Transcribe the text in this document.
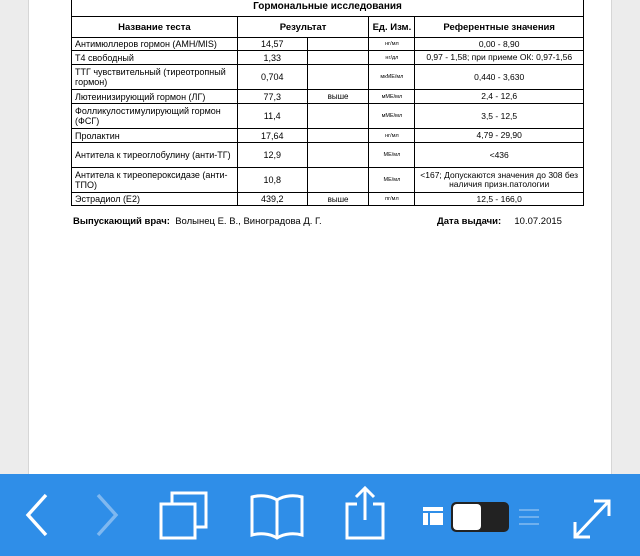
Гормональные исследования				
Название теста	Результат		Ед. Изм.	Референтные значения
Антимюллеров гормон (AMH/MIS)	14,57		нг/мл	0,00 - 8,90
Т4 свободный	1,33		нг/дл	0,97 - 1,58; при приеме ОК: 0,97-1,56
ТТГ чувствительный (тиреотропный гормон)	0,704		мкМЕ/мл	0,440 - 3,630
Лютеинизирующий гормон (ЛГ)	77,3	выше	мМЕ/мл	2,4 - 12,6
Фолликулостимулирующий гормон (ФСГ)	11,4		мМЕ/мл	3,5 - 12,5
Пролактин	17,64		нг/мл	4,79 - 29,90
Антитела к тиреоглобулину (анти-ТГ)	12,9		МЕ/мл	<436
Антитела к тиреопероксидазе (анти-ТПО)	10,8		МЕ/мл	<167; Допускаются значения до 308 без наличия призн.патологии
Эстрадиол (Е2)	439,2	выше	пг/мл	12,5 - 166,0
Выпускающий врач: Волынец Е. В., Виноградова Д. Г.	Дата выдачи: 10.07.2015
